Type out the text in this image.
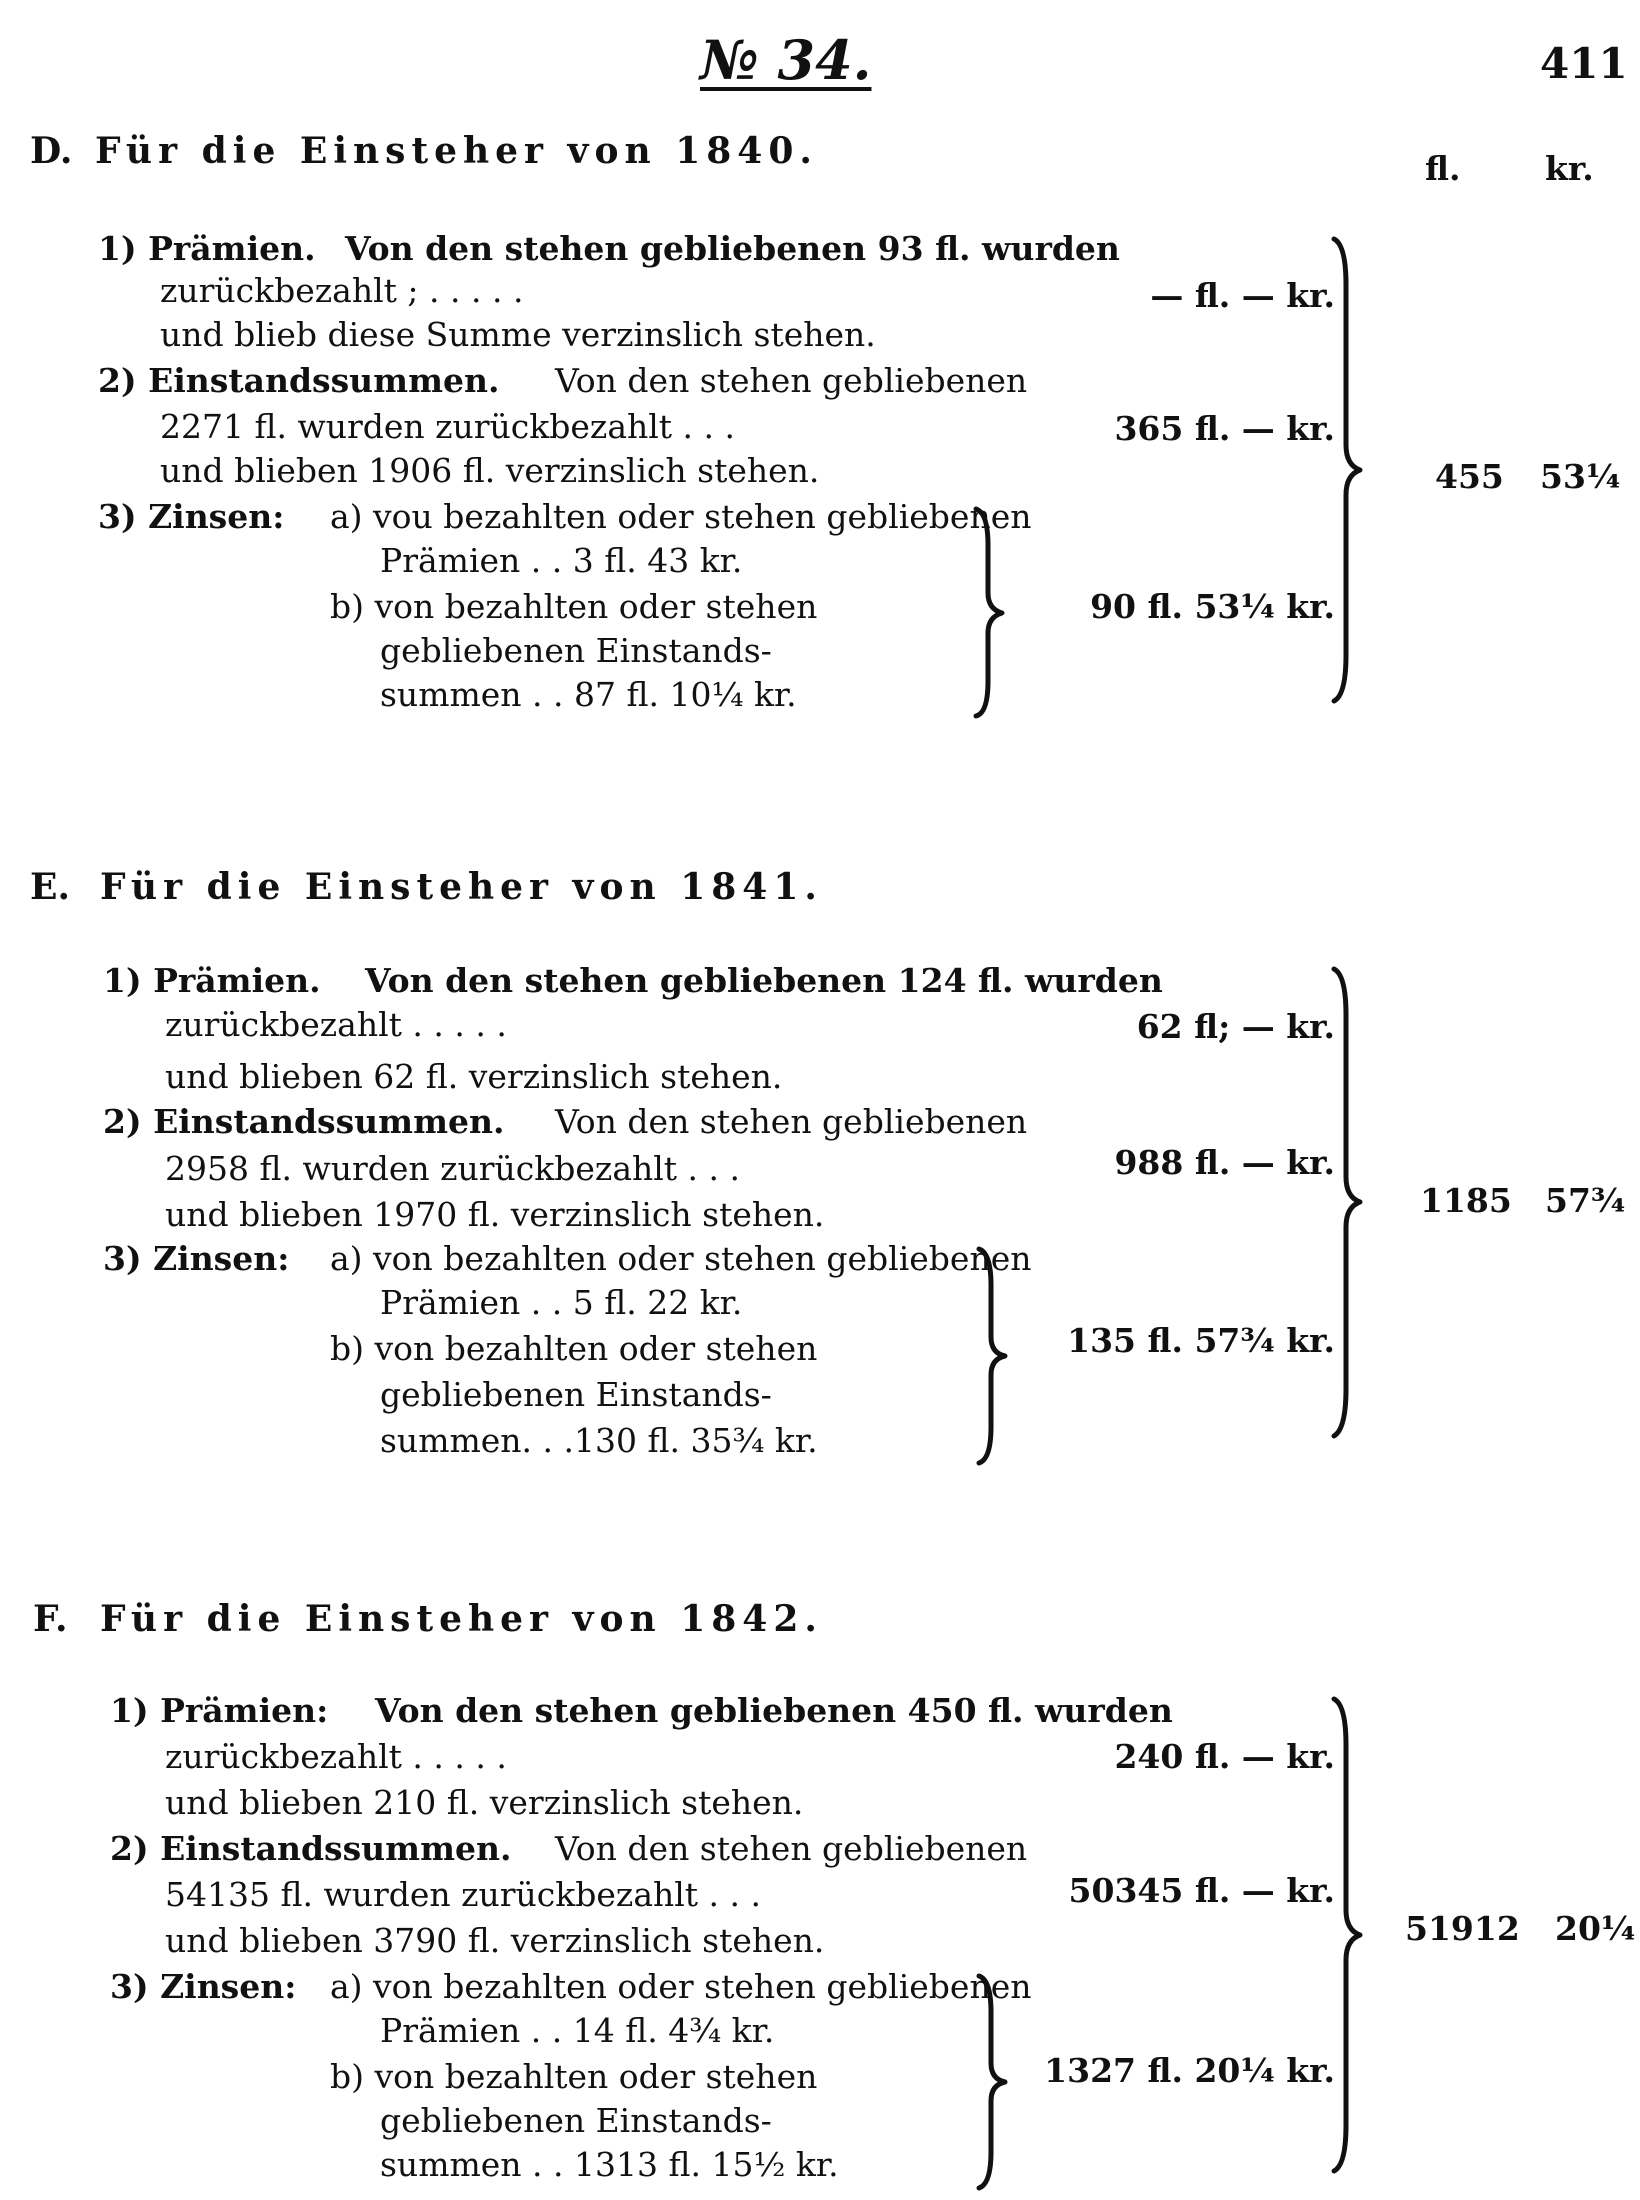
№ 34.	411
fl.	kr.
D. Für die Einsteher von 1840.
1) Prämien. Von den stehen gebliebenen 93 fl. wurden
zurückbezahlt ; . . . . .
und blieb diese Summe verzinslich stehen.
— fl. — kr.
2) Einstandssummen. Von den stehen gebliebenen
2271 fl. wurden zurückbezahlt . . .
und blieben 1906 fl. verzinslich stehen.
365 fl. — kr.
3) Zinsen: a) vou bezahlten oder stehen gebliebenen
Prämien . . 3 fl. 43 kr.
b) von bezahlten oder stehen
gebliebenen Einstands-
summen . . 87 fl. 10¼ kr.
90 fl. 53¼ kr.
455 53¼
E. Für die Einsteher von 1841.
1) Prämien. Von den stehen gebliebenen 124 fl. wurden
zurückbezahlt . . . . .
und blieben 62 fl. verzinslich stehen.
62 fl; — kr.
2) Einstandssummen. Von den stehen gebliebenen
2958 fl. wurden zurückbezahlt . . .
und blieben 1970 fl. verzinslich stehen.
988 fl. — kr.
3) Zinsen: a) von bezahlten oder stehen gebliebenen
Prämien . . 5 fl. 22 kr.
b) von bezahlten oder stehen
gebliebenen Einstands-
summen. . .130 fl. 35¾ kr.
135 fl. 57¾ kr.
1185 57¾
F. Für die Einsteher von 1842.
1) Prämien: Von den stehen gebliebenen 450 fl. wurden
zurückbezahlt . . . . .
und blieben 210 fl. verzinslich stehen.
240 fl. — kr.
2) Einstandssummen. Von den stehen gebliebenen
54135 fl. wurden zurückbezahlt . . .
und blieben 3790 fl. verzinslich stehen.
50345 fl. — kr.
3) Zinsen: a) von bezahlten oder stehen gebliebenen
Prämien . . 14 fl. 4¾ kr.
b) von bezahlten oder stehen
gebliebenen Einstands-
summen . . 1313 fl. 15½ kr.
1327 fl. 20¼ kr.
51912 20¼
